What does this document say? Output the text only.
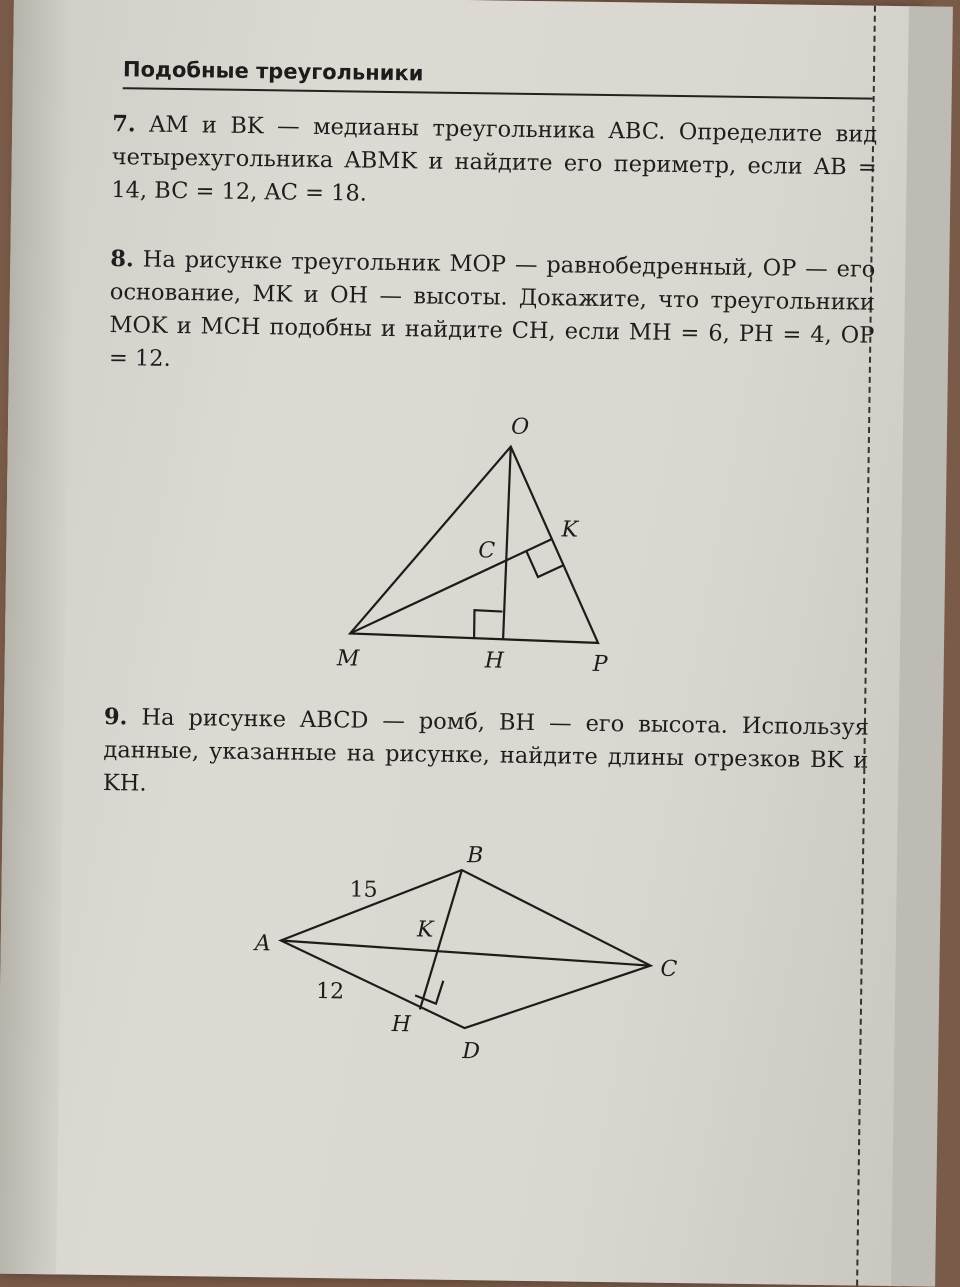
Подобные треугольники

7. AM и BK — медианы треугольника ABC. Определите вид четырехугольника ABMK и найдите его периметр, если AB = 14, BC = 12, AC = 18.

8. На рисунке треугольник MOP — равнобедренный, OP — его основание, MK и OH — высоты. Докажите, что треугольники MOK и MCH подобны и найдите CH, если MH = 6, PH = 4, OP = 12.

O
M	P
H
C
K

9. На рисунке ABCD — ромб, BH — его высота. Используя данные, указанные на рисунке, найдите длины отрезков BK и KH.

A
B
C
D
K
H
15
12
